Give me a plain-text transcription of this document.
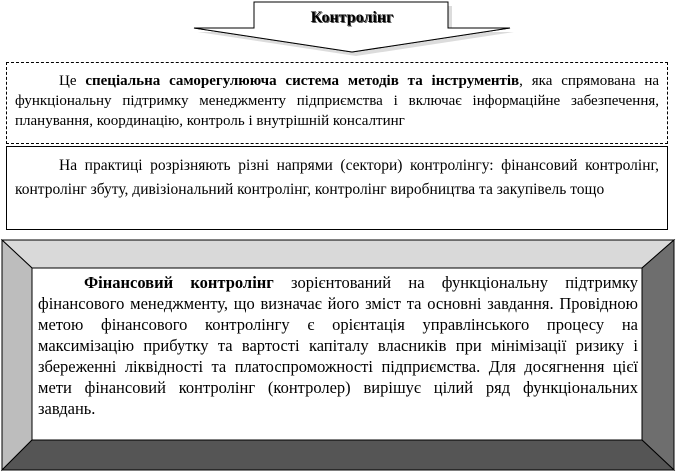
Контролінг
Це спеціальна саморегулююча система методів та інструментів, яка спрямована на функціональну підтримку менеджменту підприємства і включає інформаційне забезпечення, планування, координацію, контроль і внутрішній консалтинг
На практиці розрізняють різні напрями (сектори) контролінгу: фінансовий контролінг, контролінг збуту, дивізіональний контролінг, контролінг виробництва та закупівель тощо
Фінансовий контролінг зорієнтований на функціональну підтримку фінансового менеджменту, що визначає його зміст та основні завдання. Провідною метою фінансового контролінгу є орієнтація управлінського процесу на максимізацію прибутку та вартості капіталу власників при мінімізації ризику і збереженні ліквідності та платоспроможності підприємства. Для досягнення цієї мети фінансовий контролінг (контролер) вирішує цілий ряд функціональних завдань.
